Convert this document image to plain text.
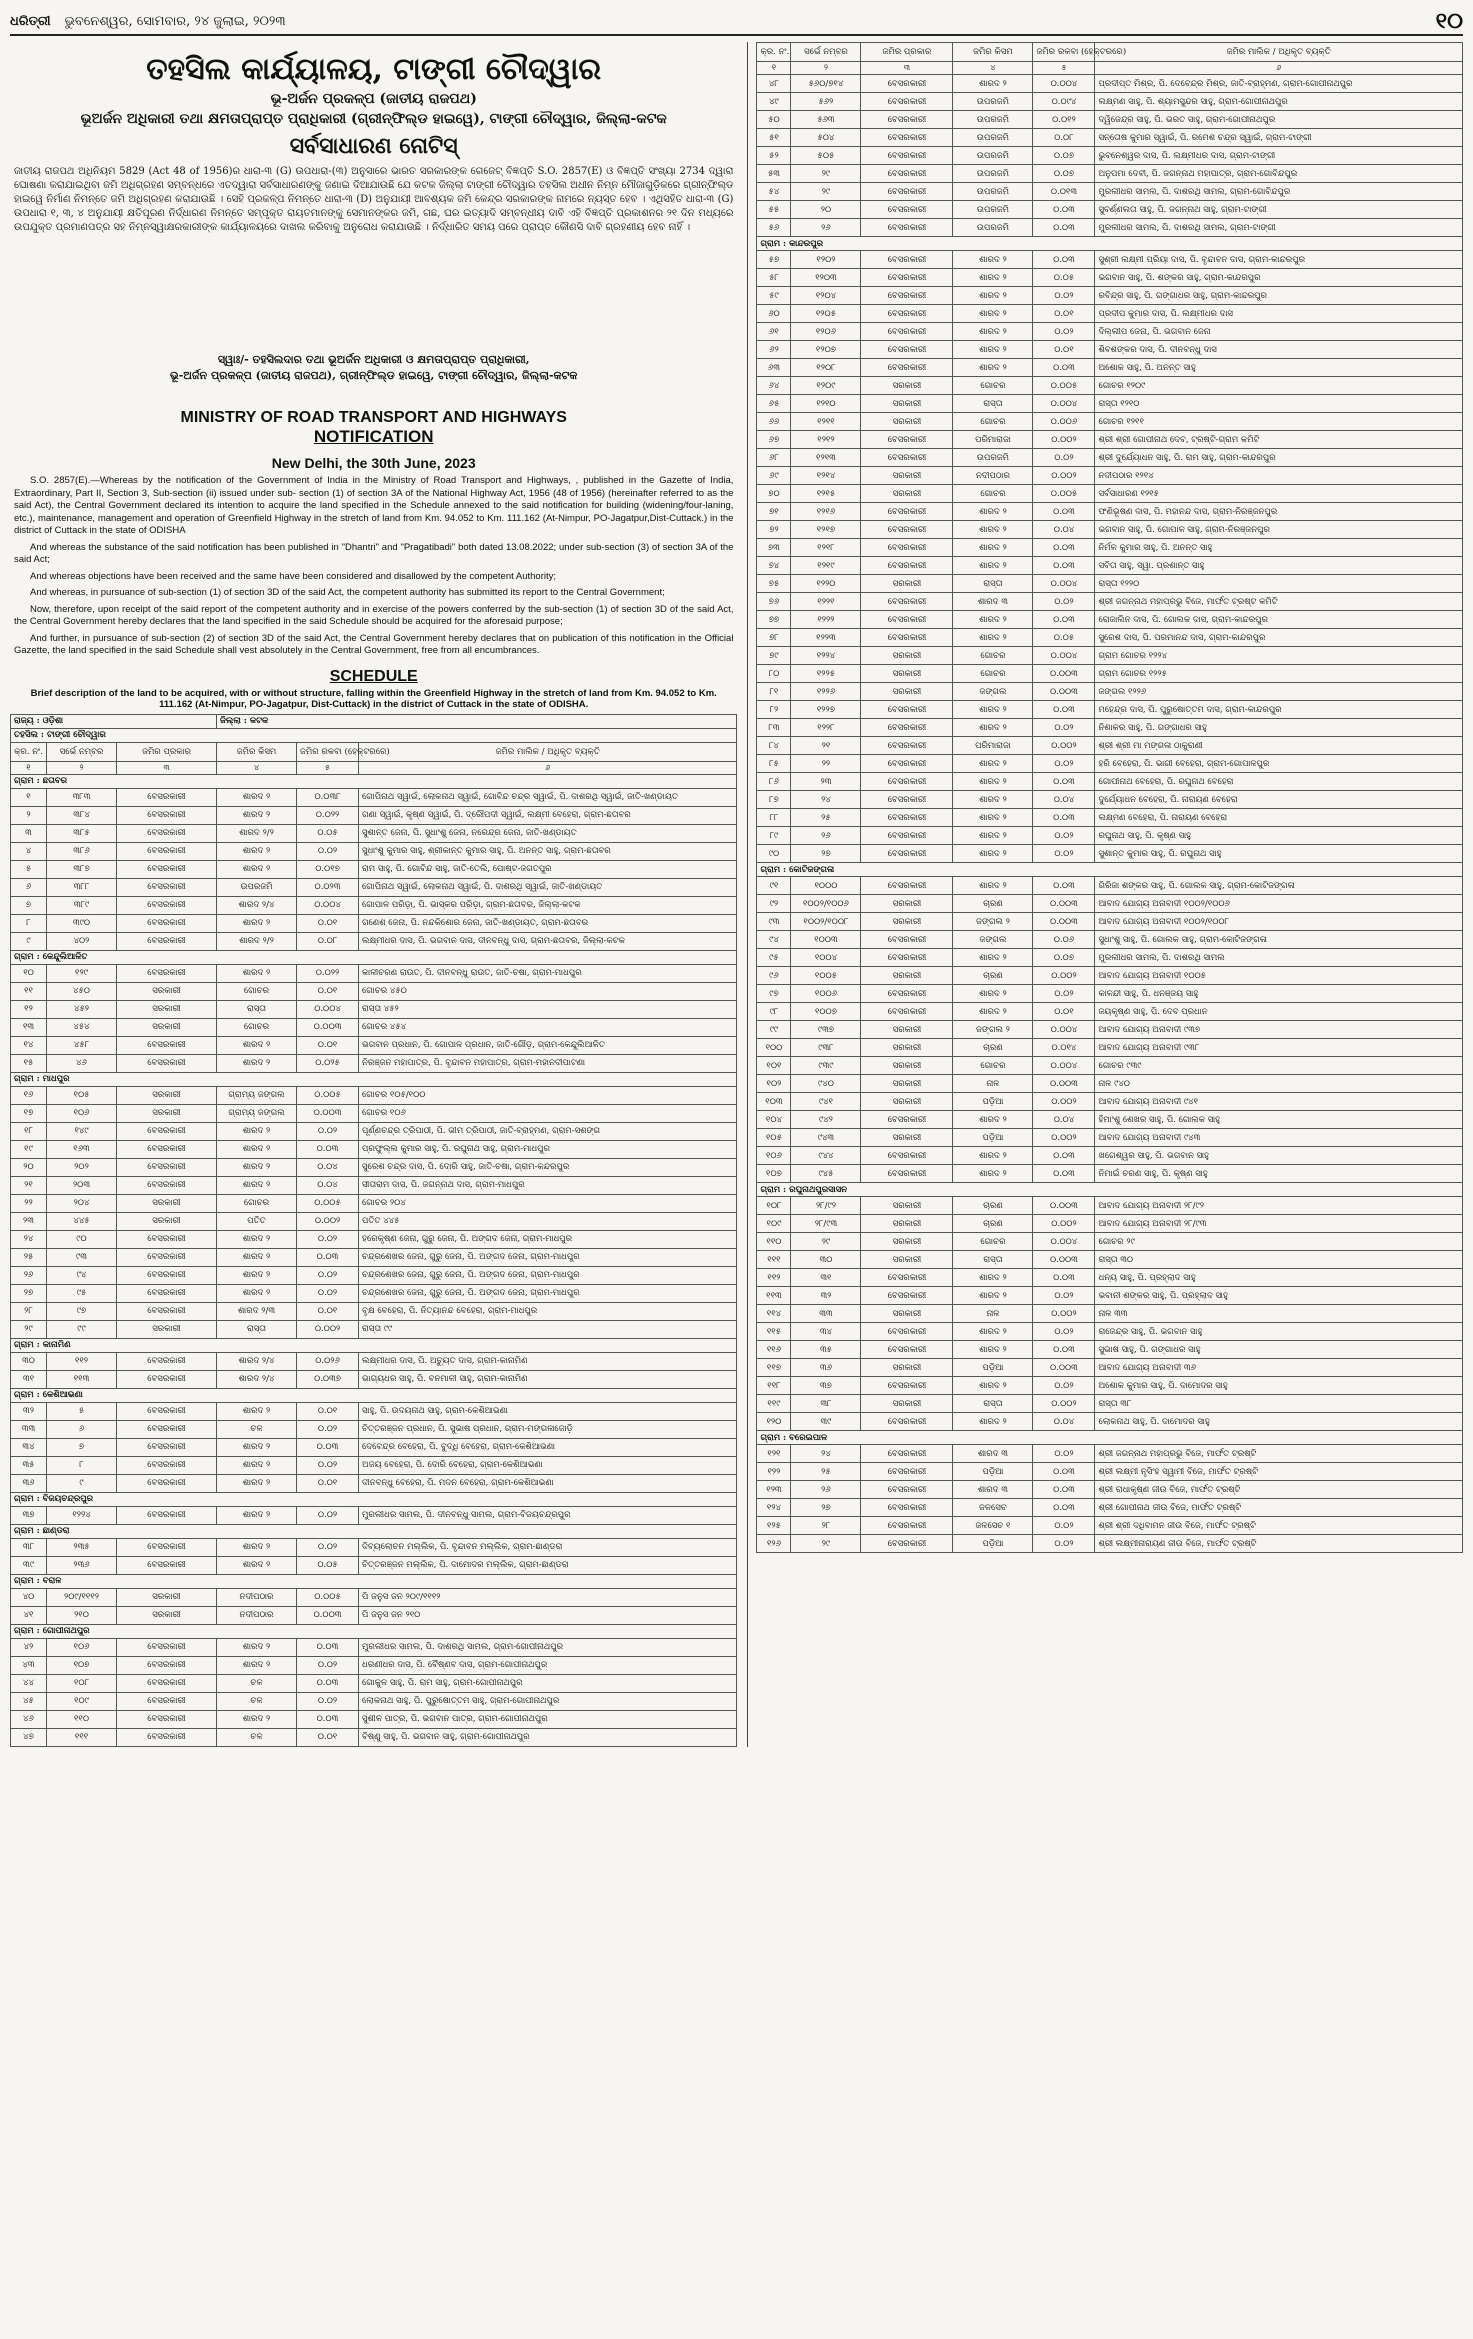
ଧରିତ୍ରୀ ଭୁବନେଶ୍ୱର, ସୋମବାର, ୨୪ ଜୁଲାଇ, ୨୦୨୩	୧୦
ତହସିଲ କାର୍ଯ୍ୟାଳୟ, ଟାଙ୍ଗୀ ଚୌଦ୍ୱାର
ଭୂ-ଅର୍ଜନ ପ୍ରକଳ୍ପ (ଜାତୀୟ ରାଜପଥ)
ଭୂଅର୍ଜନ ଅଧିକାରୀ ତଥା କ୍ଷମତାପ୍ରାପ୍ତ ପ୍ରାଧିକାରୀ (ଗ୍ରୀନ୍‌ଫିଲ୍ଡ ହାଇୱେ), ଟାଙ୍ଗୀ ଚୌଦ୍ୱାର, ଜିଲ୍ଲା-କଟକ
ସର୍ବସାଧାରଣ ନୋଟିସ୍
ଜାତୀୟ ରାଜପଥ ଅଧିନିୟମ 5829 (Act 48 of 1956)ର ଧାରା-୩ (G) ଉପଧାରା-(୩) ଅନୁସାରେ ଭାରତ ସରକାରଙ୍କ ଗେଜେଟ୍ ବିଜ୍ଞପ୍ତି S.O. 2857(E) ଓ ବିଜ୍ଞପ୍ତି ସଂଖ୍ୟା 2734 ଦ୍ୱାରା ଘୋଷଣା କରାଯାଇଥିବା ଜମି ଅଧିଗ୍ରହଣ ସମ୍ବନ୍ଧରେ ଏତଦ୍ୱାରା ସର୍ବସାଧାରଣଙ୍କୁ ଜଣାଇ ଦିଆଯାଉଛି ଯେ କଟକ ଜିଲ୍ଲା ଟାଙ୍ଗୀ ଚୌଦ୍ୱାର ତହସିଲ ଅଧୀନ ନିମ୍ନ ମୌଜାଗୁଡ଼ିକରେ ଗ୍ରୀନ୍‌ଫିଲ୍ଡ ହାଇୱେ ନିର୍ମାଣ ନିମନ୍ତେ ଜମି ଅଧିଗ୍ରହଣ କରାଯାଉଛି । ସେହି ପ୍ରକଳ୍ପ ନିମନ୍ତେ ଧାରା-୩ (D) ଅନୁଯାୟୀ ଆବଶ୍ୟକ ଜମି କେନ୍ଦ୍ର ସରକାରଙ୍କ ନାମରେ ନ୍ୟସ୍ତ ହେବ । ଏଥିସହିତ ଧାରା-୩ (G) ଉପଧାରା ୧, ୩, ୪ ଅନୁଯାୟୀ କ୍ଷତିପୂରଣ ନିର୍ଦ୍ଧାରଣ ନିମନ୍ତେ ସମ୍ପୃକ୍ତ ରାୟତମାନଙ୍କୁ ସେମାନଙ୍କର ଜମି, ଗଛ, ଘର ଇତ୍ୟାଦି ସମ୍ବନ୍ଧୀୟ ଦାବି ଏହି ବିଜ୍ଞପ୍ତି ପ୍ରକାଶନର ୨୧ ଦିନ ମଧ୍ୟରେ ଉପଯୁକ୍ତ ପ୍ରମାଣପତ୍ର ସହ ନିମ୍ନସ୍ୱାକ୍ଷରକାରୀଙ୍କ କାର୍ଯ୍ୟାଳୟରେ ଦାଖଲ କରିବାକୁ ଅନୁରୋଧ କରାଯାଉଛି । ନିର୍ଦ୍ଧାରିତ ସମୟ ପରେ ପ୍ରାପ୍ତ କୌଣସି ଦାବି ଗ୍ରହଣୀୟ ହେବ ନାହିଁ ।
ସ୍ୱାଃ/- ତହସିଲଦାର ତଥା ଭୂଅର୍ଜନ ଅଧିକାରୀ ଓ କ୍ଷମତାପ୍ରାପ୍ତ ପ୍ରାଧିକାରୀ,
ଭୂ-ଅର୍ଜନ ପ୍ରକଳ୍ପ (ଜାତୀୟ ରାଜପଥ), ଗ୍ରୀନ୍‌ଫିଲ୍ଡ ହାଇୱେ, ଟାଙ୍ଗୀ ଚୌଦ୍ୱାର, ଜିଲ୍ଲା-କଟକ
MINISTRY OF ROAD TRANSPORT AND HIGHWAYS
NOTIFICATION
New Delhi, the 30th June, 2023
S.O. 2857(E).—Whereas by the notification of the Government of India in the Ministry of Road Transport and Highways, , published in the Gazette of India, Extraordinary, Part II, Section 3, Sub-section (ii) issued under sub- section (1) of section 3A of the National Highway Act, 1956 (48 of 1956) (hereinafter referred to as the said Act), the Central Government declared its intention to acquire the land specified in the Schedule annexed to the said notification for building (widening/four-laning, etc.), maintenance, management and operation of Greenfield Highway in the stretch of land from Km. 94.052 to Km. 111.162 (At-Nimpur, PO-Jagatpur,Dist-Cuttack.) in the district of Cuttack in the state of ODISHA
And whereas the substance of the said notification has been published in "Dhantri" and "Pragatibadi" both dated 13.08.2022; under sub-section (3) of section 3A of the said Act;
And whereas objections have been received and the same have been considered and disallowed by the competent Authority;
And whereas, in pursuance of sub-section (1) of section 3D of the said Act, the competent authority has submitted its report to the Central Government;
Now, therefore, upon receipt of the said report of the competent authority and in exercise of the powers conferred by the sub-section (1) of section 3D of the said Act, the Central Government hereby declares that the land specified in the said Schedule should be acquired for the aforesaid purpose;
And further, in pursuance of sub-section (2) of section 3D of the said Act, the Central Government hereby declares that on publication of this notification in the Official Gazette, the land specified in the said Schedule shall vest absolutely in the Central Government, free from all encumbrances.
SCHEDULE
Brief description of the land to be acquired, with or without structure, falling within the Greenfield Highway in the stretch of land from Km. 94.052 to Km. 111.162 (At-Nimpur, PO-Jagatpur, Dist-Cuttack) in the district of Cuttack in the state of ODISHA.
ରାଜ୍ୟ : ଓଡ଼ିଶା			ଜିଲ୍ଲା : କଟକ		
ତହସିଲ : ଟାଙ୍ଗୀ ଚୌଦ୍ୱାର					
କ୍ର. ନଂ.	ସର୍ଭେ ନମ୍ବର	ଜମିର ପ୍ରକାର	ଜମିର କିସମ	ଜମିର ରକବା (ହେକ୍ଟରରେ)	ଜମିର ମାଲିକ / ଅଧିକୃତ ବ୍ୟକ୍ତି
୧	୨	୩	୪	୫	୬
ଗ୍ରାମ : ଛତାବର					
୧	୩୮୩	ବେସରକାରୀ	ଶାରଦ ୨	୦.୦୩୮	ଗୋପିନାଥ ସ୍ୱାଇଁ, ଲୋକନାଥ ସ୍ୱାଇଁ, ଗୋବିନ୍ଦ ଚନ୍ଦ୍ର ସ୍ୱାଇଁ, ପି. ଦାଶରଥି ସ୍ୱାଇଁ, ଜାତି-ଖଣ୍ଡାୟତ
୨	୩୮୪	ବେସରକାରୀ	ଶାରଦ ୨	୦.୦୨୨	ଗଣା ସ୍ୱାଇଁ, କୃଷ୍ଣ ସ୍ୱାଇଁ, ପି. ଦ୍ରୌପଦୀ ସ୍ୱାଇଁ, ଲକ୍ଷ୍ମୀ ବେହେରା, ଗ୍ରାମ-ଛତାବର
୩	୩୮୫	ବେସରକାରୀ	ଶାରଦ ୨/୨	୦.୦୫	ସୁଶାନ୍ତ ଜେନା, ପି. ସୁଧାଂଶୁ ଜେନା, ନରେନ୍ଦ୍ର ଜେନା, ଜାତି-ଖଣ୍ଡାୟତ
୪	୩୮୬	ବେସରକାରୀ	ଶାରଦ ୨	୦.୦୨	ସୁଧାଂଶୁ କୁମାର ସାହୁ, ଶ୍ରୀକାନ୍ତ କୁମାର ସାହୁ, ପି. ଅନନ୍ତ ସାହୁ, ଗ୍ରାମ-ଛତାବର
୫	୩୮୭	ବେସରକାରୀ	ଶାରଦ ୨	୦.୦୧୭	ରାମ ସାହୁ, ପି. ଗୋବିନ୍ଦ ସାହୁ, ଜାତି-ତେଲି, ପୋଷ୍ଟ-ଜଗତପୁର
୬	୩୮୮	ବେସରକାରୀ	ଉପରଜମି	୦.୦୨୩	ଗୋପିନାଥ ସ୍ୱାଇଁ, ଲୋକନାଥ ସ୍ୱାଇଁ, ପି. ଦାଶରଥି ସ୍ୱାଇଁ, ଜାତି-ଖଣ୍ଡାୟତ
୭	୩୮୯	ବେସରକାରୀ	ଶାରଦ ୨/୪	୦.୦୦୪	ଗୋପାଳ ପରିଡ଼ା, ପି. ଭାସ୍କର ପରିଡ଼ା, ଗ୍ରାମ-ଛତାବର, ଜିଲ୍ଲା-କଟକ
୮	୩୯୦	ବେସରକାରୀ	ଶାରଦ ୨	୦.୦୧	ଗଣେଶ ଜେନା, ପି. ନନ୍ଦକିଶୋର ଜେନା, ଜାତି-ଖଣ୍ଡାୟତ, ଗ୍ରାମ-ଛତାବର
୯	୪୦୨	ବେସରକାରୀ	ଶାରଦ ୨/୨	୦.୦୮	ଲକ୍ଷ୍ମୀଧର ଦାସ, ପି. ଭଗବାନ ଦାସ, ଦୀନବନ୍ଧୁ ଦାସ, ଗ୍ରାମ-ଛତାବର, ଜିଲ୍ଲା-କଟକ
ଗ୍ରାମ : କେନ୍ଦୁଲିଆଳିତ					
୧୦	୧୨୯	ବେସରକାରୀ	ଶାରଦ ୨	୦.୦୨୨	କାଳୀଚରଣ ରାଉତ, ପି. ଦୀନବନ୍ଧୁ ରାଉତ, ଜାତି-ଚଷା, ଗ୍ରାମ-ମାଧପୁର
୧୧	୪୫୦	ସରକାରୀ	ଗୋଚର	୦.୦୧	ଗୋଚର ୪୫୦
୧୨	୪୫୨	ସରକାରୀ	ରାସ୍ତା	୦.୦୦୪	ରାସ୍ତା ୪୫୨
୧୩	୪୫୪	ସରକାରୀ	ଗୋଚର	୦.୦୦୩	ଗୋଚର ୪୫୪
୧୪	୪୫୮	ବେସରକାରୀ	ଶାରଦ ୨	୦.୦୧	ଭଗବାନ ପ୍ରଧାନ, ପି. ଗୋପାଳ ପ୍ରଧାନ, ଜାତି-ଗୌଡ଼, ଗ୍ରାମ-କେନ୍ଦୁଲିଆଳିତ
୧୫	୪୬	ବେସରକାରୀ	ଶାରଦ ୨	୦.୦୨୫	ନିରଞ୍ଜନ ମହାପାତ୍ର, ପି. ବୃନ୍ଦାବନ ମହାପାତ୍ର, ଗ୍ରାମ-ମହାନଦୀପାଟଣା
ଗ୍ରାମ : ମାଧପୁର					
୧୬	୧୦୫	ସରକାରୀ	ଗ୍ରାମ୍ୟ ଜଙ୍ଗଲ	୦.୦୦୫	ଗୋଚର ୧୦୫/୧୦୦
୧୭	୧୦୬	ସରକାରୀ	ଗ୍ରାମ୍ୟ ଜଙ୍ଗଲ	୦.୦୦୩	ଗୋଚର ୧୦୬
୧୮	୧୪୯	ବେସରକାରୀ	ଶାରଦ ୨	୦.୦୨	ପୂର୍ଣ୍ଣଚନ୍ଦ୍ର ତ୍ରିପାଠୀ, ପି. ଭୀମ ତ୍ରିପାଠୀ, ଜାତି-ବ୍ରାହ୍ମଣ, ଗ୍ରାମ-ସଶଙ୍ଗ
୧୯	୧୬୩	ବେସରକାରୀ	ଶାରଦ ୨	୦.୦୩	ପ୍ରଫୁଲ୍ଲ କୁମାର ସାହୁ, ପି. ରଘୁନାଥ ସାହୁ, ଗ୍ରାମ-ମାଧପୁର
୨୦	୨୦୨	ବେସରକାରୀ	ଶାରଦ ୨	୦.୦୪	ସୁରେଶ ଚନ୍ଦ୍ର ଦାସ, ପି. ଦୋରି ସାହୁ, ଜାତି-ଚଷା, ଗ୍ରାମ-କନ୍ଦରପୁର
୨୧	୨୦୩	ବେସରକାରୀ	ଶାରଦ ୨	୦.୦୪	ସୀତାରାମ ଦାସ, ପି. ଜଗନ୍ନାଥ ଦାସ, ଗ୍ରାମ-ମାଧପୁର
୨୨	୨୦୪	ସରକାରୀ	ଗୋଚର	୦.୦୦୫	ଗୋଚର ୨୦୪
୨୩	୪୪୫	ସରକାରୀ	ପତିତ	୦.୦୦୨	ପତିତ ୪୪୫
୨୪	୯୦	ବେସରକାରୀ	ଶାରଦ ୨	୦.୦୨	ହରେକୃଷ୍ଣ ଜେନା, ଗୁରୁ ଜେନା, ପି. ଅଙ୍ଗଦ ଜେନା, ଗ୍ରାମ-ମାଧପୁର
୨୫	୯୩	ବେସରକାରୀ	ଶାରଦ ୨	୦.୦୩	ଚନ୍ଦ୍ରଶେଖର ଜେନା, ଗୁରୁ ଜେନା, ପି. ଅଙ୍ଗଦ ଜେନା, ଗ୍ରାମ-ମାଧପୁର
୨୬	୯୪	ବେସରକାରୀ	ଶାରଦ ୨	୦.୦୨	ଚନ୍ଦ୍ରଶେଖର ଜେନା, ଗୁରୁ ଜେନା, ପି. ଅଙ୍ଗଦ ଜେନା, ଗ୍ରାମ-ମାଧପୁର
୨୭	୯୫	ବେସରକାରୀ	ଶାରଦ ୨	୦.୦୨	ଚନ୍ଦ୍ରଶେଖର ଜେନା, ଗୁରୁ ଜେନା, ପି. ଅଙ୍ଗଦ ଜେନା, ଗ୍ରାମ-ମାଧପୁର
୨୮	୯୭	ବେସରକାରୀ	ଶାରଦ ୨/୩	୦.୦୧	ବୃକ୍ଷ ବେହେରା, ପି. ନିତ୍ୟାନନ୍ଦ ବେହେରା, ଗ୍ରାମ-ମାଧପୁର
୨୯	୯୯	ସରକାରୀ	ରାସ୍ତା	୦.୦୦୨	ରାସ୍ତା ୯୯
ଗ୍ରାମ : କାନାମିଣ					
୩୦	୧୧୨	ବେସରକାରୀ	ଶାରଦ ୨/୪	୦.୦୨୬	ଲକ୍ଷ୍ମୀଧର ଦାସ, ପି. ଅଚ୍ୟୁତ ଦାସ, ଗ୍ରାମ-କାନାମିଣ
୩୧	୧୧୩	ବେସରକାରୀ	ଶାରଦ ୨/୪	୦.୦୩୭	ଭାଗ୍ୟଧର ସାହୁ, ପି. ବନମାଳୀ ସାହୁ, ଗ୍ରାମ-କାନାମିଣ
ଗ୍ରାମ : କେଶିଆଭଣା					
୩୨	୫	ବେସରକାରୀ	ଶାରଦ ୨	୦.୦୧	ସାହୁ, ପି. ଉଦୟନାଥ ସାହୁ, ଗ୍ରାମ-କେଶିଆଭଣା
୩୩	୬	ବେସରକାରୀ	ଚଳ	୦.୦୨	ଚିତ୍ତରଞ୍ଜନ ପ୍ରଧାନ, ପି. ସୁଭାଷ ପ୍ରଧାନ, ଗ୍ରାମ-ମଙ୍ଗଳାଜୋଡ଼ି
୩୪	୭	ବେସରକାରୀ	ଶାରଦ ୨	୦.୦୩	ଦେବେନ୍ଦ୍ର ବେହେରା, ପି. ବୁଦ୍ଧି ବେହେରା, ଗ୍ରାମ-କେଶିଆଭଣା
୩୫	୮	ବେସରକାରୀ	ଶାରଦ ୨	୦.୦୨	ଅଜୟ ବେହେରା, ପି. ଦୋରି ବେହେରା, ଗ୍ରାମ-କେଶିଆଭଣା
୩୬	୯	ବେସରକାରୀ	ଶାରଦ ୨	୦.୦୧	ଦୀନବନ୍ଧୁ ବେହେରା, ପି. ମଦନ ବେହେରା, ଗ୍ରାମ-କେଶିଆଭଣା
ଗ୍ରାମ : ବିଜୟଚନ୍ଦ୍ରପୁର					
୩୭	୧୨୨୪	ବେସରକାରୀ	ଶାରଦ ୨	୦.୦୨	ମୁରଲୀଧର ସାମଲ, ପି. ଦୀନବନ୍ଧୁ ସାମଲ, ଗ୍ରାମ-ବିଜୟଚନ୍ଦ୍ରପୁର
ଗ୍ରାମ : ଛାଣ୍ଡରା					
୩୮	୨୩୫	ବେସରକାରୀ	ଶାରଦ ୨	୦.୦୨	ଦିବ୍ୟଲୋଚନ ମଲ୍ଲିକ, ପି. ବୃନ୍ଦାବନ ମଲ୍ଲିକ, ଗ୍ରାମ-ଛାଣ୍ଡରା
୩୯	୨୩୬	ବେସରକାରୀ	ଶାରଦ ୨	୦.୦୫	ଚିତ୍ତରଞ୍ଜନ ମଲ୍ଲିକ, ପି. ଦାମୋଦର ମଲ୍ଲିକ, ଗ୍ରାମ-ଛାଣ୍ଡରା
ଗ୍ରାମ : ବରାଳ					
୪୦	୨୦୯/୧୧୧୨	ସରକାରୀ	ନଦୀପଠାର	୦.୦୦୫	ପି ଜନୁସ ଜନ ୨୦୯/୧୧୧୨
୪୧	୨୧୦	ସରକାରୀ	ନଦୀପଠାର	୦.୦୦୩	ପି ଜନୁସ ଜନ ୨୧୦
ଗ୍ରାମ : ଗୋପୀନାଥପୁର					
୪୨	୧୦୬	ବେସରକାରୀ	ଶାରଦ ୨	୦.୦୩	ମୁରଲୀଧର ସାମଲ, ପି. ଦାଶରଥି ସାମଲ, ଗ୍ରାମ-ଗୋପୀନାଥପୁର
୪୩	୧୦୭	ବେସରକାରୀ	ଶାରଦ ୨	୦.୦୨	ଧରଣୀଧର ଦାସ, ପି. ବୈଷ୍ଣବ ଦାସ, ଗ୍ରାମ-ଗୋପୀନାଥପୁର
୪୪	୧୦୮	ବେସରକାରୀ	ଚଳ	୦.୦୩	ଗୋକୁଳ ସାହୁ, ପି. ରାମ ସାହୁ, ଗ୍ରାମ-ଗୋପୀନାଥପୁର
୪୫	୧୦୯	ବେସରକାରୀ	ଚଳ	୦.୦୨	ଲୋକନାଥ ସାହୁ, ପି. ପୁରୁଷୋତ୍ତମ ସାହୁ, ଗ୍ରାମ-ଗୋପୀନାଥପୁର
୪୬	୧୧୦	ବେସରକାରୀ	ଶାରଦ ୨	୦.୦୩	ସୁଶୀଳ ପାତ୍ର, ପି. ଭଗବାନ ପାତ୍ର, ଗ୍ରାମ-ଗୋପୀନାଥପୁର
୪୭	୧୧୧	ବେସରକାରୀ	ଚଳ	୦.୦୧	ବିଷ୍ଣୁ ସାହୁ, ପି. ଭଗବାନ ସାହୁ, ଗ୍ରାମ-ଗୋପୀନାଥପୁର
କ୍ର. ନଂ.	ସର୍ଭେ ନମ୍ବର	ଜମିର ପ୍ରକାର	ଜମିର କିସମ	ଜମିର ରକବା (ହେକ୍ଟରରେ)	ଜମିର ମାଲିକ / ଅଧିକୃତ ବ୍ୟକ୍ତି
୧	୨	୩	୪	୫	୬
୪୮	୫୬୦/୭୧୪	ବେସରକାରୀ	ଶାରଦ ୨	୦.୦୦୪	ପ୍ରଦୀପ୍ତ ମିଶ୍ର, ପି. ଦେବେନ୍ଦ୍ର ମିଶ୍ର, ଜାତି-ବ୍ରାହ୍ମଣ, ଗ୍ରାମ-ଗୋପୀନାଥପୁର
୪୯	୫୬୨	ବେସରକାରୀ	ଉପରଜମି	୦.୦୯୪	ଲକ୍ଷ୍ମଣ ସାହୁ, ପି. ଶ୍ୟାମସୁନ୍ଦର ସାହୁ, ଗ୍ରାମ-ଗୋପୀନାଥପୁର
୫୦	୫୬୩	ବେସରକାରୀ	ଉପରଜମି	୦.୦୧୨	ଦ୍ୱିଜେନ୍ଦ୍ର ସାହୁ, ପି. ଭରତ ସାହୁ, ଗ୍ରାମ-ଗୋପୀନାଥପୁର
୫୧	୫୦୪	ବେସରକାରୀ	ଉପରଜମି	୦.୦୮	ସନ୍ତୋଷ କୁମାର ସ୍ୱାଇଁ, ପି. ରମେଶ ଚନ୍ଦ୍ର ସ୍ୱାଇଁ, ଗ୍ରାମ-ଟାଙ୍ଗୀ
୫୨	୫୦୫	ବେସରକାରୀ	ଉପରଜମି	୦.୦୭	ଭୁବନେଶ୍ୱର ଦାସ, ପି. ଲକ୍ଷ୍ମୀଧର ଦାସ, ଗ୍ରାମ-ଟାଙ୍ଗୀ
୫୩	୨୯	ବେସରକାରୀ	ଉପରଜମି	୦.୦୭	ଅନୁପମା ଦେବୀ, ପି. ଜଗନ୍ନାଥ ମହାପାତ୍ର, ଗ୍ରାମ-ଗୋବିନ୍ଦପୁର
୫୪	୨୯	ବେସରକାରୀ	ଉପରଜମି	୦.୦୧୩	ମୁରଲୀଧର ସାମଲ, ପି. ଦାଶରଥି ସାମଲ, ଗ୍ରାମ-ଗୋବିନ୍ଦପୁର
୫୫	୨୦	ବେସରକାରୀ	ଉପରଜମି	୦.୦୩	ସୁବର୍ଣ୍ଣଲତା ସାହୁ, ପି. ଜଗନ୍ନାଥ ସାହୁ, ଗ୍ରାମ-ଟାଙ୍ଗୀ
୫୬	୨୬	ବେସରକାରୀ	ଉପରଜମି	୦.୦୩	ମୁରଲୀଧର ସାମଲ, ପି. ଦାଶରଥି ସାମଲ, ଗ୍ରାମ-ଟାଙ୍ଗୀ
ଗ୍ରାମ : କାନ୍ଦରପୁର					
୫୭	୧୨୦୨	ବେସରକାରୀ	ଶାରଦ ୨	୦.୦୩	ସୁଶ୍ରୀ ଲକ୍ଷ୍ମୀ ପ୍ରିୟା ଦାସ, ପି. ବୃନ୍ଦାବନ ଦାସ, ଗ୍ରାମ-କାନ୍ଦରପୁର
୫୮	୧୨୦୩	ବେସରକାରୀ	ଶାରଦ ୨	୦.୦୫	ଭଗବାନ ସାହୁ, ପି. ଶଙ୍କର ସାହୁ, ଗ୍ରାମ-କାନ୍ଦରପୁର
୫୯	୧୨୦୪	ବେସରକାରୀ	ଶାରଦ ୨	୦.୦୨	ରବିନ୍ଦ୍ର ସାହୁ, ପି. ଗଙ୍ଗାଧର ସାହୁ, ଗ୍ରାମ-କାନ୍ଦରପୁର
୬୦	୧୨୦୫	ବେସରକାରୀ	ଶାରଦ ୨	୦.୦୧	ପ୍ରଦୀପ କୁମାର ଦାସ, ପି. ଲକ୍ଷ୍ମୀଧର ଦାସ
୬୧	୧୨୦୬	ବେସରକାରୀ	ଶାରଦ ୨	୦.୦୨	ଦିଲ୍ଲୀପ ଜେନା, ପି. ଭଗବାନ ଜେନା
୬୨	୧୨୦୭	ବେସରକାରୀ	ଶାରଦ ୨	୦.୦୧	ଶିବଶଙ୍କର ଦାସ, ପି. ଦୀନବନ୍ଧୁ ଦାସ
୬୩	୧୨୦୮	ବେସରକାରୀ	ଶାରଦ ୨	୦.୦୩	ଅଶୋକ ସାହୁ, ପି. ଅନନ୍ତ ସାହୁ
୬୪	୧୨୦୯	ସରକାରୀ	ଗୋଚର	୦.୦୦୫	ଗୋଚର ୧୨୦୯
୬୫	୧୨୧୦	ସରକାରୀ	ରାସ୍ତା	୦.୦୦୪	ରାସ୍ତା ୧୨୧୦
୬୬	୧୨୧୧	ସରକାରୀ	ଗୋଚର	୦.୦୦୬	ଗୋଚର ୧୨୧୧
୬୭	୧୨୧୨	ବେସରକାରୀ	ପରିମାରାଜା	୦.୦୦୨	ଶ୍ରୀ ଶ୍ରୀ ଗୋପୀନାଥ ଦେବ, ଟ୍ରଷ୍ଟି-ଗ୍ରାମ କମିଟି
୬୮	୧୨୧୩	ବେସରକାରୀ	ଉପରଜମି	୦.୦୨	ଶ୍ରୀ ଦୁର୍ଯ୍ୟୋଧନ ସାହୁ, ପି. ରାମ ସାହୁ, ଗ୍ରାମ-କାନ୍ଦରପୁର
୬୯	୧୨୧୪	ସରକାରୀ	ନଦୀପଠାର	୦.୦୦୨	ନଦୀପଠାର ୧୨୧୪
୭୦	୧୨୧୫	ସରକାରୀ	ଗୋଚର	୦.୦୦୫	ସର୍ବସାଧାରଣ ୧୨୧୫
୭୧	୧୨୧୬	ବେସରକାରୀ	ଶାରଦ ୨	୦.୦୩	ଫଣିଭୂଷଣ ଦାସ, ପି. ମହାନନ୍ଦ ଦାସ, ଗ୍ରାମ-ନିରଞ୍ଜନପୁର
୭୨	୧୨୧୭	ବେସରକାରୀ	ଶାରଦ ୨	୦.୦୪	ଭଗବାନ ସାହୁ, ପି. ଗୋପାଳ ସାହୁ, ଗ୍ରାମ-ନିରଞ୍ଜନପୁର
୭୩	୧୨୧୮	ବେସରକାରୀ	ଶାରଦ ୨	୦.୦୩	ନିର୍ମଳ କୁମାର ସାହୁ, ପି. ଅନନ୍ତ ସାହୁ
୭୪	୧୨୧୯	ବେସରକାରୀ	ଶାରଦ ୨	୦.୦୩	ସବିତା ସାହୁ, ସ୍ୱା. ପ୍ରଶାନ୍ତ ସାହୁ
୭୫	୧୨୨୦	ସରକାରୀ	ରାସ୍ତା	୦.୦୦୪	ରାସ୍ତା ୧୨୨୦
୭୬	୧୨୨୧	ବେସରକାରୀ	ଶାରଦ ୩	୦.୦୨	ଶ୍ରୀ ଜଗନ୍ନାଥ ମହାପ୍ରଭୁ ବିଜେ, ମାର୍ଫତ ଟ୍ରଷ୍ଟ କମିଟି
୭୭	୧୨୨୨	ବେସରକାରୀ	ଶାରଦ ୨	୦.୦୩	ରୋଜାଲିନ ଦାସ, ପି. ଗୋଲକ ଦାସ, ଗ୍ରାମ-କାନ୍ଦରପୁର
୭୮	୧୨୨୩	ବେସରକାରୀ	ଶାରଦ ୨	୦.୦୫	ସୁରେଶ ଦାସ, ପି. ପରମାନନ୍ଦ ଦାସ, ଗ୍ରାମ-କାନ୍ଦରପୁର
୭୯	୧୨୨୪	ସରକାରୀ	ଗୋଚର	୦.୦୦୪	ଗ୍ରାମ ଗୋଚର ୧୨୨୪
୮୦	୧୨୨୫	ସରକାରୀ	ଗୋଚର	୦.୦୦୩	ଗ୍ରାମ ଗୋଚର ୧୨୨୫
୮୧	୧୨୨୬	ସରକାରୀ	ଜଙ୍ଗଲ	୦.୦୦୩	ଜଙ୍ଗଲ ୧୨୨୬
୮୨	୧୨୨୭	ବେସରକାରୀ	ଶାରଦ ୨	୦.୦୩	ମହେନ୍ଦ୍ର ଦାସ, ପି. ପୁରୁଷୋତ୍ତମ ଦାସ, ଗ୍ରାମ-କାନ୍ଦରପୁର
୮୩	୧୨୨୮	ବେସରକାରୀ	ଶାରଦ ୨	୦.୦୨	ନିଶାକର ସାହୁ, ପି. ଗଙ୍ଗାଧର ସାହୁ
୮୪	୨୧	ବେସରକାରୀ	ପରିମାରାଜା	୦.୦୦୨	ଶ୍ରୀ ଶ୍ରୀ ମା ମଙ୍ଗଳା ଠାକୁରାଣୀ
୮୫	୨୨	ବେସରକାରୀ	ଶାରଦ ୨	୦.୦୨	ହରି ବେହେରା, ପି. ଭାଗୀ ବେହେରା, ଗ୍ରାମ-ଗୋପାଳପୁର
୮୬	୨୩	ବେସରକାରୀ	ଶାରଦ ୨	୦.୦୩	ଗୋପୀନାଥ ବେହେରା, ପି. ରଘୁନାଥ ବେହେରା
୮୭	୨୪	ବେସରକାରୀ	ଶାରଦ ୨	୦.୦୪	ଦୁର୍ଯ୍ୟୋଧନ ବେହେରା, ପି. ନାରାୟଣ ବେହେରା
୮୮	୨୫	ବେସରକାରୀ	ଶାରଦ ୨	୦.୦୩	ଲକ୍ଷ୍ମଣ ବେହେରା, ପି. ନାରାୟଣ ବେହେରା
୮୯	୨୬	ବେସରକାରୀ	ଶାରଦ ୨	୦.୦୨	ରଘୁନାଥ ସାହୁ, ପି. କୃଷ୍ଣ ସାହୁ
୯୦	୨୭	ବେସରକାରୀ	ଶାରଦ ୨	୦.୦୨	ସୁଶାନ୍ତ କୁମାର ସାହୁ, ପି. ରଘୁନାଥ ସାହୁ
ଗ୍ରାମ : କୋଟିଜଙ୍ଗଳା					
୯୧	୧୦୦୦	ବେସରକାରୀ	ଶାରଦ ୨	୦.୦୩	ଗିରିଜା ଶଙ୍କର ସାହୁ, ପି. ଗୋଲକ ସାହୁ, ଗ୍ରାମ-କୋଟିଜଙ୍ଗଳା
୯୨	୧୦୦୨/୧୦୦୬	ସରକାରୀ	ଚାରଣ	୦.୦୦୩	ଆବାଦ ଯୋଗ୍ୟ ଅନାବାଦୀ ୧୦୦୨/୧୦୦୬
୯୩	୧୦୦୨/୧୦୦୮	ସରକାରୀ	ଜଙ୍ଗଲ ୨	୦.୦୦୩	ଆବାଦ ଯୋଗ୍ୟ ଅନାବାଦୀ ୧୦୦୨/୧୦୦୮
୯୪	୧୦୦୩	ବେସରକାରୀ	ଜଙ୍ଗଲ	୦.୦୬	ସୁଧାଂଶୁ ସାହୁ, ପି. ଗୋଲକ ସାହୁ, ଗ୍ରାମ-କୋଟିଜଙ୍ଗଳା
୯୫	୧୦୦୪	ବେସରକାରୀ	ଶାରଦ ୨	୦.୦୭	ମୁରଲୀଧର ସାମଲ, ପି. ଦାଶରଥି ସାମଲ
୯୬	୧୦୦୫	ସରକାରୀ	ଚାରଣ	୦.୦୦୨	ଆବାଦ ଯୋଗ୍ୟ ଅନାବାଦୀ ୧୦୦୫
୯୭	୧୦୦୬	ବେସରକାରୀ	ଶାରଦ ୨	୦.୦୨	କାଳନ୍ଦୀ ସାହୁ, ପି. ଧନଞ୍ଜୟ ସାହୁ
୯୮	୧୦୦୭	ବେସରକାରୀ	ଶାରଦ ୨	୦.୦୧	ଜୟକୃଷ୍ଣ ସାହୁ, ପି. ଦେବ ପ୍ରଧାନ
୯୯	୯୩୭	ସରକାରୀ	ଜଙ୍ଗଲ ୨	୦.୦୦୪	ଆବାଦ ଯୋଗ୍ୟ ଅନାବାଦୀ ୯୩୭
୧୦୦	୯୩୮	ସରକାରୀ	ଚାରଣ	୦.୦୧୪	ଆବାଦ ଯୋଗ୍ୟ ଅନାବାଦୀ ୯୩୮
୧୦୧	୯୩୯	ସରକାରୀ	ଗୋଚର	୦.୦୦୪	ଗୋଚର ୯୩୯
୧୦୨	୯୪୦	ସରକାରୀ	ନାଳ	୦.୦୦୩	ନାଳ ୯୪୦
୧୦୩	୯୪୧	ସରକାରୀ	ପଡ଼ିଆ	୦.୦୦୨	ଆବାଦ ଯୋଗ୍ୟ ଅନାବାଦୀ ୯୪୧
୧୦୪	୯୪୨	ବେସରକାରୀ	ଶାରଦ ୨	୦.୦୪	ହିମାଂଶୁ ଶେଖର ସାହୁ, ପି. ଗୋଲକ ସାହୁ
୧୦୫	୯୪୩	ସରକାରୀ	ପଡ଼ିଆ	୦.୦୦୨	ଆବାଦ ଯୋଗ୍ୟ ଅନାବାଦୀ ୯୪୩
୧୦୬	୯୪୪	ବେସରକାରୀ	ଶାରଦ ୨	୦.୦୩	ଖଗେଶ୍ୱର ସାହୁ, ପି. ଭଗବାନ ସାହୁ
୧୦୭	୯୪୫	ବେସରକାରୀ	ଶାରଦ ୨	୦.୦୩	ନିମାଇଁ ଚରଣ ସାହୁ, ପି. କୃଷ୍ଣ ସାହୁ
ଗ୍ରାମ : ରଘୁନାଥପୁରସାସନ					
୧୦୮	୨୮/୯୨	ସରକାରୀ	ଚାରଣ	୦.୦୦୩	ଆବାଦ ଯୋଗ୍ୟ ଅନାବାଦୀ ୨୮/୯୨
୧୦୯	୨୮/୯୩	ସରକାରୀ	ଚାରଣ	୦.୦୦୨	ଆବାଦ ଯୋଗ୍ୟ ଅନାବାଦୀ ୨୮/୯୩
୧୧୦	୨୯	ସରକାରୀ	ଗୋଚର	୦.୦୦୪	ଗୋଚର ୨୯
୧୧୧	୩୦	ସରକାରୀ	ରାସ୍ତା	୦.୦୦୩	ରାସ୍ତା ୩୦
୧୧୨	୩୧	ବେସରକାରୀ	ଶାରଦ ୨	୦.୦୩	ଧନ୍ୟ ସାହୁ, ପି. ପ୍ରହ୍ଲାଦ ସାହୁ
୧୧୩	୩୨	ବେସରକାରୀ	ଶାରଦ ୨	୦.୦୨	ଭବାନୀ ଶଙ୍କର ସାହୁ, ପି. ପ୍ରହ୍ଲାଦ ସାହୁ
୧୧୪	୩୩	ସରକାରୀ	ନାଳ	୦.୦୦୨	ନାଳ ୩୩
୧୧୫	୩୪	ବେସରକାରୀ	ଶାରଦ ୨	୦.୦୨	ରାଜେନ୍ଦ୍ର ସାହୁ, ପି. ଭଗବାନ ସାହୁ
୧୧୬	୩୫	ବେସରକାରୀ	ଶାରଦ ୨	୦.୦୩	ସୁଭାଷ ସାହୁ, ପି. ଗଙ୍ଗାଧର ସାହୁ
୧୧୭	୩୬	ସରକାରୀ	ପଡ଼ିଆ	୦.୦୦୩	ଆବାଦ ଯୋଗ୍ୟ ଅନାବାଦୀ ୩୬
୧୧୮	୩୭	ବେସରକାରୀ	ଶାରଦ ୨	୦.୦୨	ଅଶୋକ କୁମାର ସାହୁ, ପି. ଦାମୋଦର ସାହୁ
୧୧୯	୩୮	ସରକାରୀ	ରାସ୍ତା	୦.୦୦୨	ରାସ୍ତା ୩୮
୧୨୦	୩୯	ବେସରକାରୀ	ଶାରଦ ୨	୦.୦୪	ଲୋକନାଥ ସାହୁ, ପି. ଦାମୋଦର ସାହୁ
ଗ୍ରାମ : ବରେଇପାଳ					
୧୨୧	୨୪	ବେସରକାରୀ	ଶାରଦ ୩	୦.୦୨	ଶ୍ରୀ ଜଗନ୍ନାଥ ମହାପ୍ରଭୁ ବିଜେ, ମାର୍ଫତ ଟ୍ରଷ୍ଟି
୧୨୨	୨୫	ବେସରକାରୀ	ପଡ଼ିଆ	୦.୦୩	ଶ୍ରୀ ଲକ୍ଷ୍ମୀ ନୃସିଂହ ସ୍ୱାମୀ ବିଜେ, ମାର୍ଫତ ଟ୍ରଷ୍ଟି
୧୨୩	୨୬	ବେସରକାରୀ	ଶାରଦ ୩	୦.୦୩	ଶ୍ରୀ ରାଧାକୃଷ୍ଣ ଜୀଉ ବିଜେ, ମାର୍ଫତ ଟ୍ରଷ୍ଟି
୧୨୪	୨୭	ବେସରକାରୀ	ଜଳସେଚ	୦.୦୩	ଶ୍ରୀ ଗୋପୀନାଥ ଜୀଉ ବିଜେ, ମାର୍ଫତ ଟ୍ରଷ୍ଟି
୧୨୫	୨୮	ବେସରକାରୀ	ଜଳସେଚ ୧	୦.୦୨	ଶ୍ରୀ ଶ୍ରୀ ଦଧିବାମନ ଜୀଉ ବିଜେ, ମାର୍ଫତ ଟ୍ରଷ୍ଟି
୧୨୬	୨୯	ବେସରକାରୀ	ପଡ଼ିଆ	୦.୦୨	ଶ୍ରୀ ଲକ୍ଷ୍ମୀନାରାୟଣ ଜୀଉ ବିଜେ, ମାର୍ଫତ ଟ୍ରଷ୍ଟି
